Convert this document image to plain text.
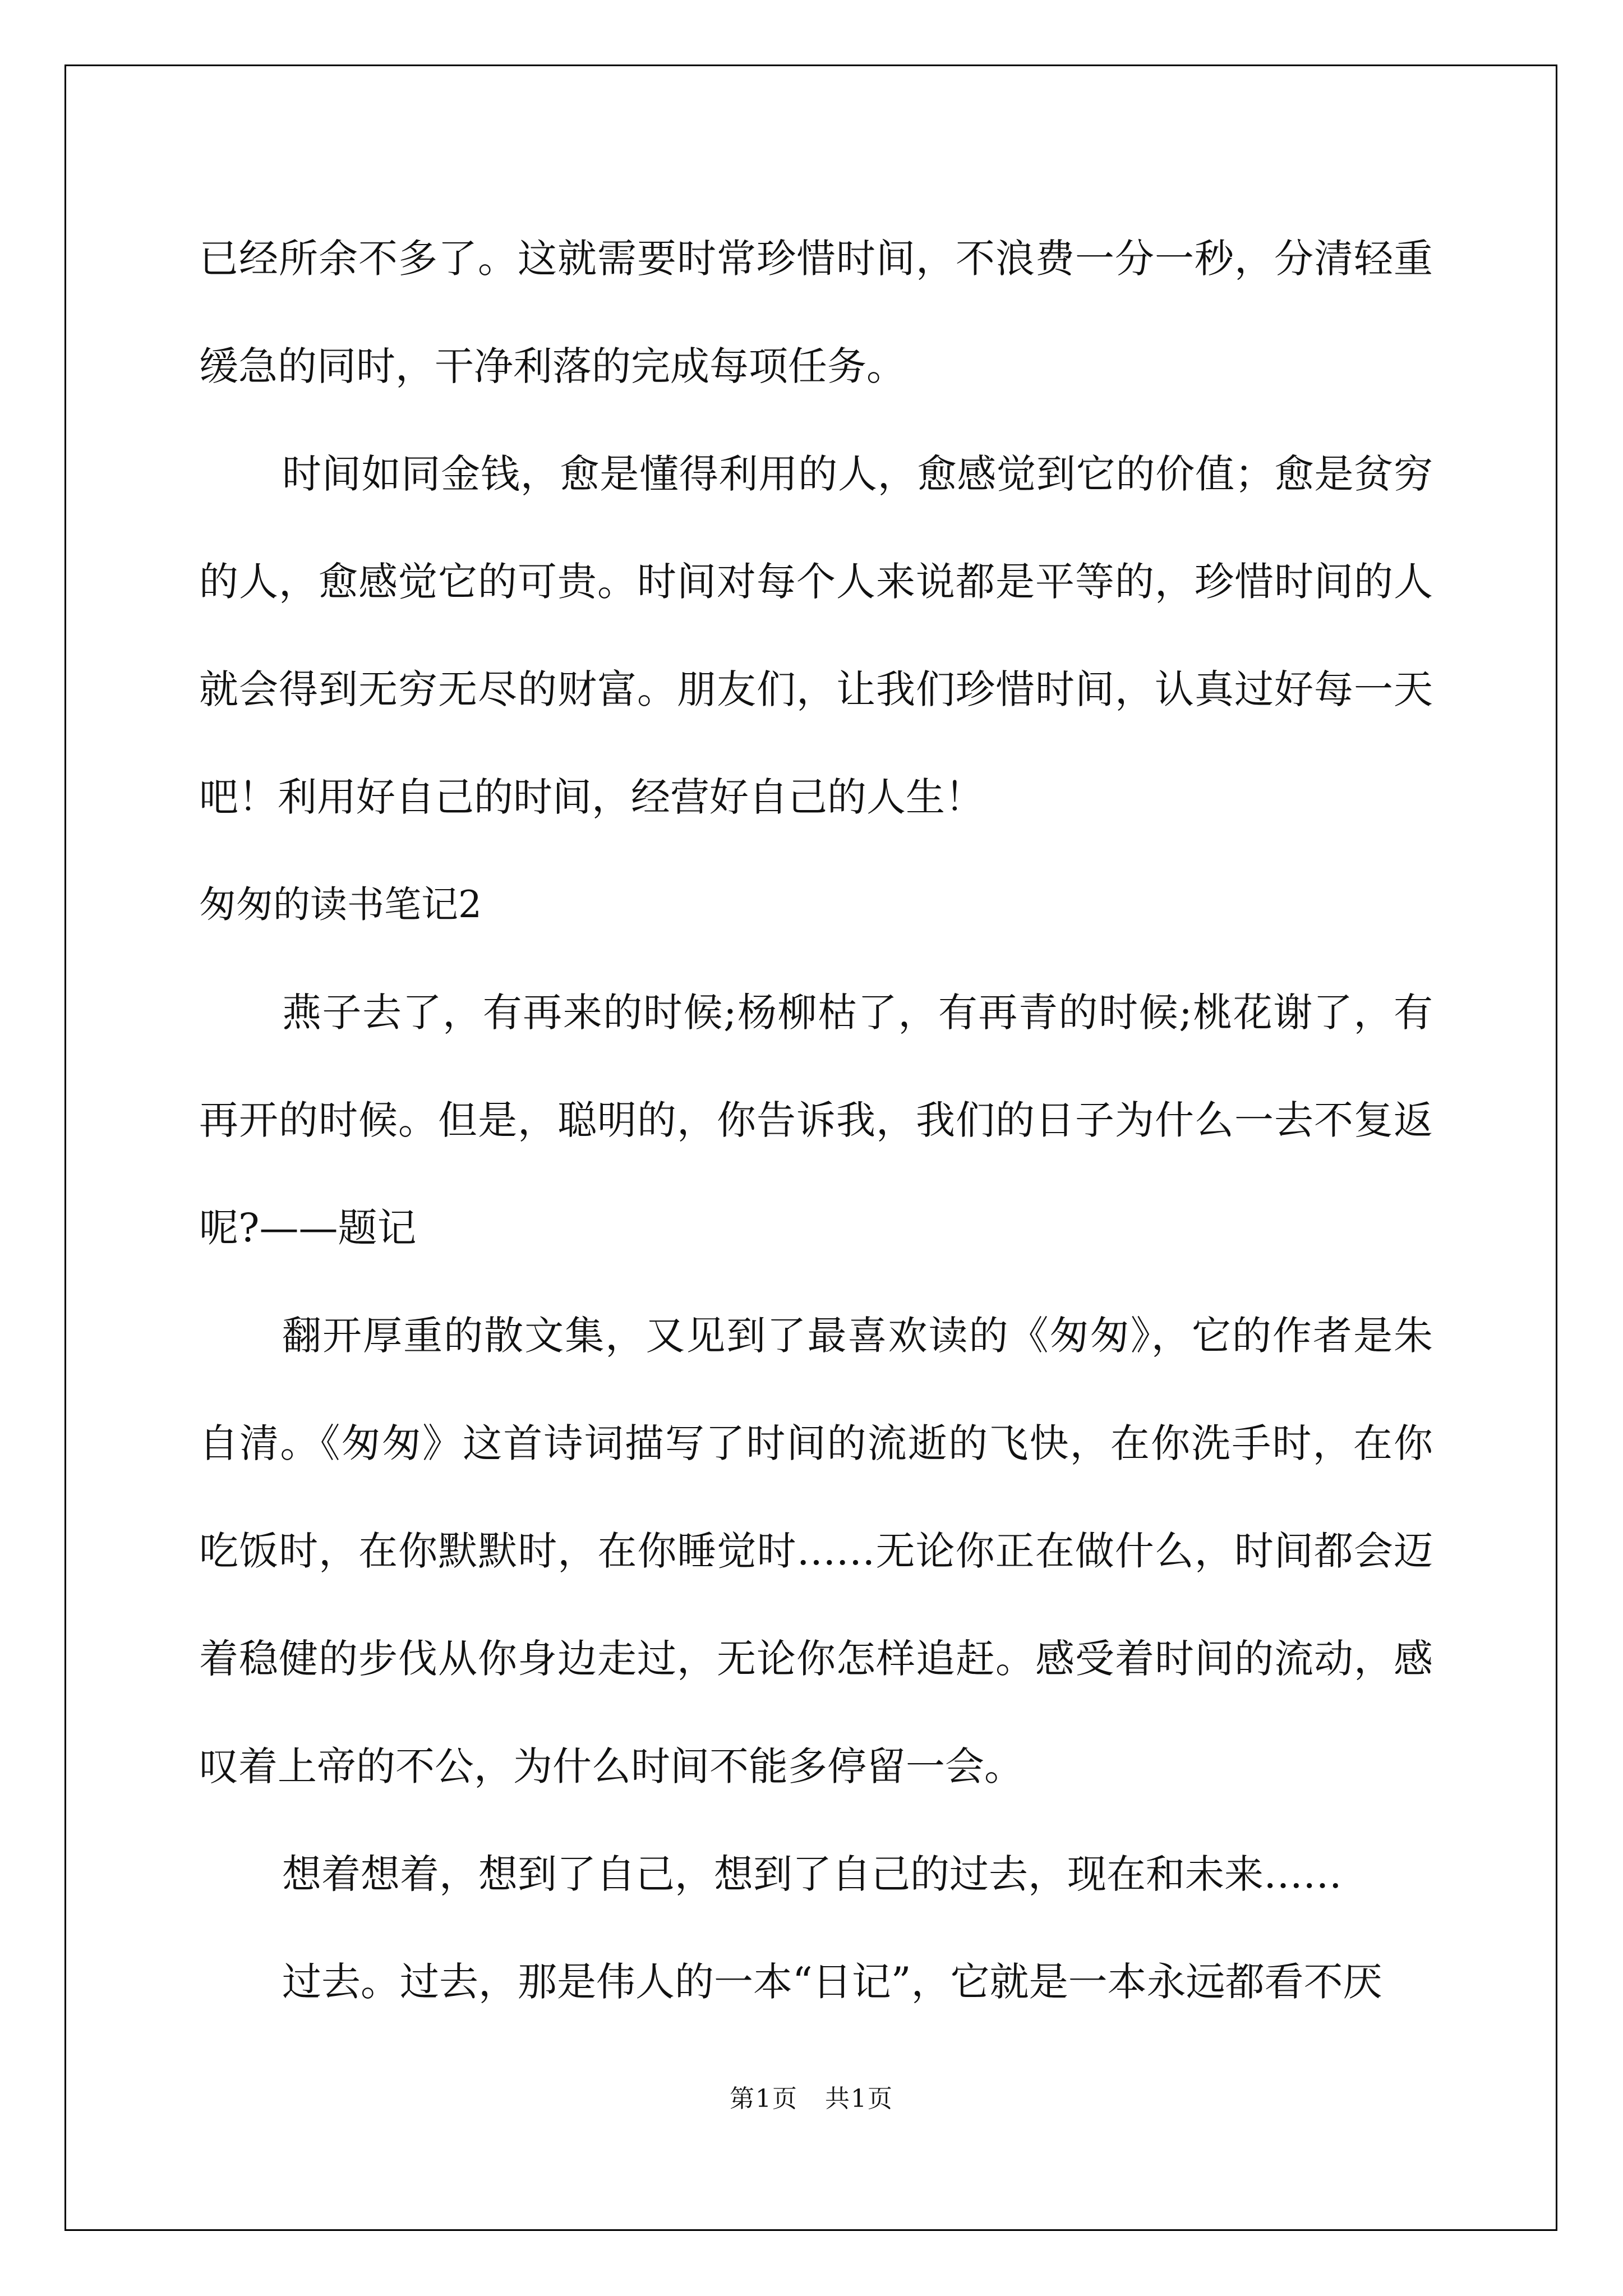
已经所余不多了。这就需要时常珍惜时间，不浪费一分一秒，分清轻重缓急的同时，干净利落的完成每项任务。

时间如同金钱，愈是懂得利用的人，愈感觉到它的价值；愈是贫穷的人，愈感觉它的可贵。时间对每个人来说都是平等的，珍惜时间的人就会得到无穷无尽的财富。朋友们，让我们珍惜时间，认真过好每一天吧！利用好自己的时间，经营好自己的人生！

匆匆的读书笔记2

燕子去了，有再来的时候;杨柳枯了，有再青的时候;桃花谢了，有再开的时候。但是，聪明的，你告诉我，我们的日子为什么一去不复返呢?——题记

翻开厚重的散文集，又见到了最喜欢读的《匆匆》，它的作者是朱自清。《匆匆》这首诗词描写了时间的流逝的飞快，在你洗手时，在你吃饭时，在你默默时，在你睡觉时……无论你正在做什么，时间都会迈着稳健的步伐从你身边走过，无论你怎样追赶。感受着时间的流动，感叹着上帝的不公，为什么时间不能多停留一会。

想着想着，想到了自己，想到了自己的过去，现在和未来……

过去。过去，那是伟人的一本“日记”，它就是一本永远都看不厌

第1页 共1页
